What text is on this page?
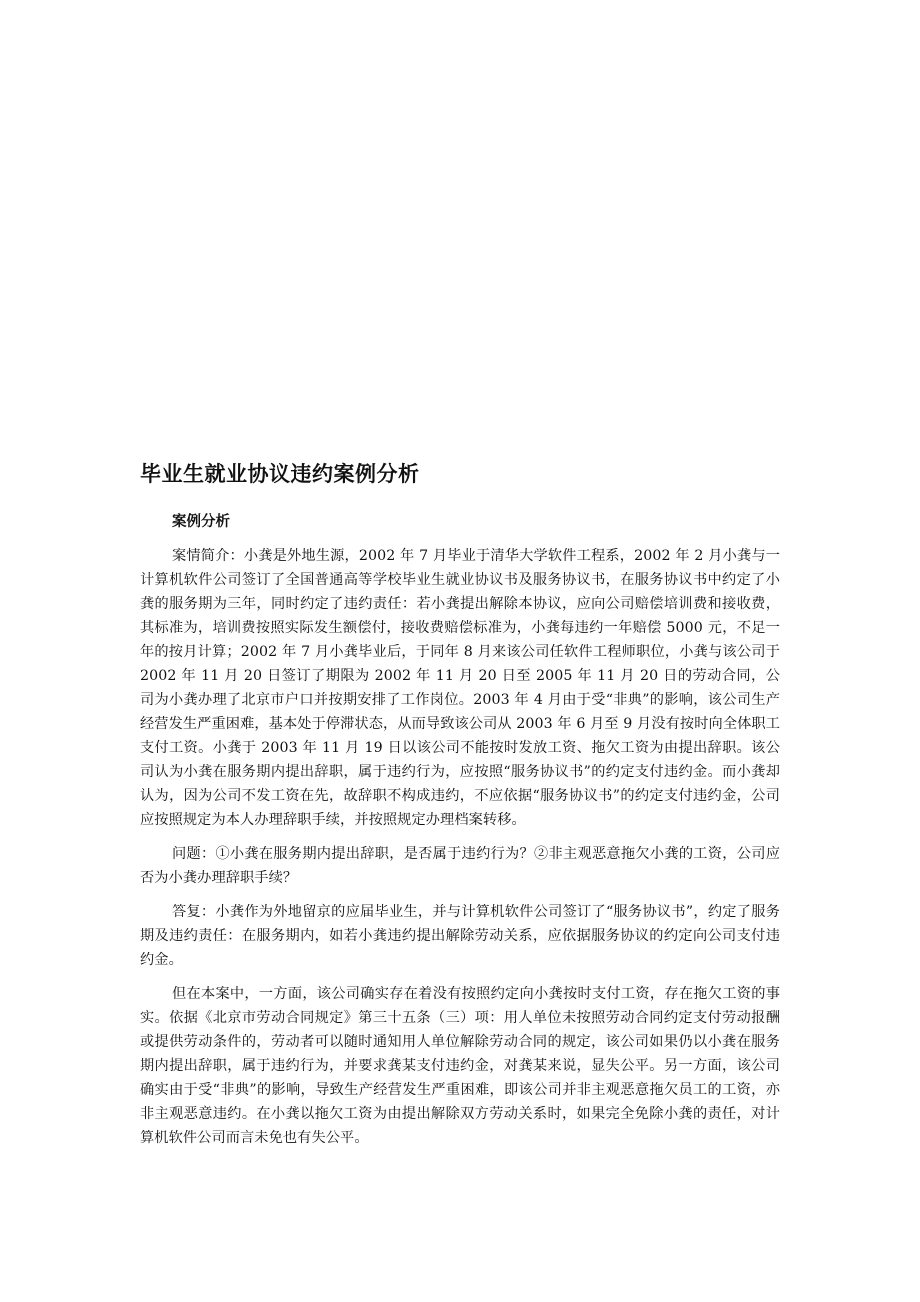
毕业生就业协议违约案例分析
案例分析

案情简介：小龚是外地生源，2002 年 7 月毕业于清华大学软件工程系，2002 年 2 月小龚与一计算机软件公司签订了全国普通高等学校毕业生就业协议书及服务协议书，在服务协议书中约定了小龚的服务期为三年，同时约定了违约责任：若小龚提出解除本协议，应向公司赔偿培训费和接收费，其标准为，培训费按照实际发生额偿付，接收费赔偿标准为，小龚每违约一年赔偿 5000 元，不足一年的按月计算；2002 年 7 月小龚毕业后，于同年 8 月来该公司任软件工程师职位，小龚与该公司于 2002 年 11 月 20 日签订了期限为 2002 年 11 月 20 日至 2005 年 11 月 20 日的劳动合同，公司为小龚办理了北京市户口并按期安排了工作岗位。2003 年 4 月由于受“非典”的影响，该公司生产经营发生严重困难，基本处于停滞状态，从而导致该公司从 2003 年 6 月至 9 月没有按时向全体职工支付工资。小龚于 2003 年 11 月 19 日以该公司不能按时发放工资、拖欠工资为由提出辞职。该公司认为小龚在服务期内提出辞职，属于违约行为，应按照“服务协议书”的约定支付违约金。而小龚却认为，因为公司不发工资在先，故辞职不构成违约，不应依据“服务协议书”的约定支付违约金，公司应按照规定为本人办理辞职手续，并按照规定办理档案转移。

问题：①小龚在服务期内提出辞职，是否属于违约行为？②非主观恶意拖欠小龚的工资，公司应否为小龚办理辞职手续？

答复：小龚作为外地留京的应届毕业生，并与计算机软件公司签订了“服务协议书”，约定了服务期及违约责任：在服务期内，如若小龚违约提出解除劳动关系，应依据服务协议的约定向公司支付违约金。

但在本案中，一方面，该公司确实存在着没有按照约定向小龚按时支付工资，存在拖欠工资的事实。依据《北京市劳动合同规定》第三十五条（三）项：用人单位未按照劳动合同约定支付劳动报酬或提供劳动条件的，劳动者可以随时通知用人单位解除劳动合同的规定，该公司如果仍以小龚在服务期内提出辞职，属于违约行为，并要求龚某支付违约金，对龚某来说，显失公平。另一方面，该公司确实由于受“非典”的影响，导致生产经营发生严重困难，即该公司并非主观恶意拖欠员工的工资，亦非主观恶意违约。在小龚以拖欠工资为由提出解除双方劳动关系时，如果完全免除小龚的责任，对计算机软件公司而言未免也有失公平。
